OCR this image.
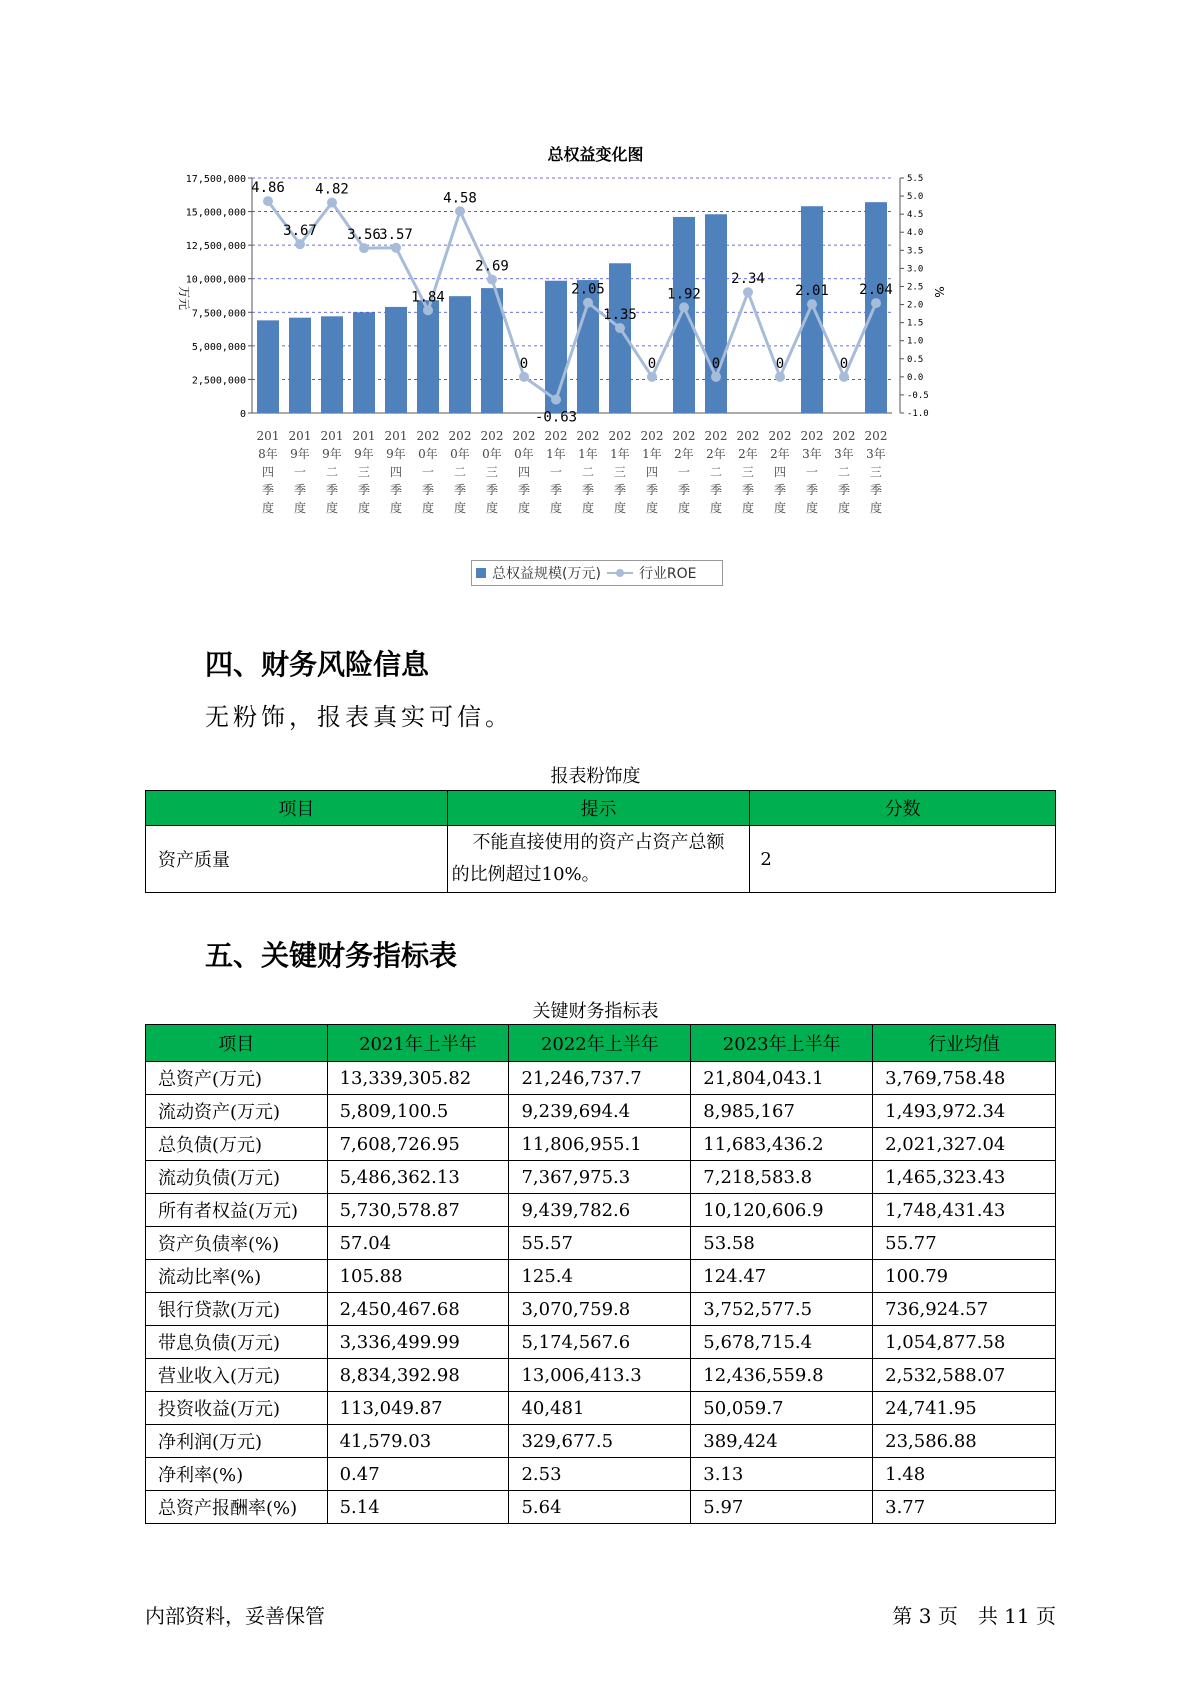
总权益变化图
0
2,500,000
5,000,000
7,500,000
10,000,000
12,500,000
15,000,000
17,500,000
-1.0
-0.5
0.0
0.5
1.0
1.5
2.0
2.5
3.0
3.5
4.0
4.5
5.0
5.5
万元	%
4.86
3.67
4.82
3.56
3.57
1.84
4.58
2.69
0
-0.63
2.05
1.35
0
1.92
0
2.34
0
2.01
0
2.04
201
8年
四
季
度
201
9年
一
季
度
201
9年
二
季
度
201
9年
三
季
度
201
9年
四
季
度
202
0年
一
季
度
202
0年
二
季
度
202
0年
三
季
度
202
0年
四
季
度
202
1年
一
季
度
202
1年
二
季
度
202
1年
三
季
度
202
1年
四
季
度
202
2年
一
季
度
202
2年
二
季
度
202
2年
三
季
度
202
2年
四
季
度
202
3年
一
季
度
202
3年
二
季
度
202
3年
三
季
度
总权益规模(万元)	行业ROE
四、财务风险信息
无粉饰，报表真实可信。
报表粉饰度
项目	提示	分数
资产质量	不能直接使用的资产占资产总额

的比例超过10%。	2
五、关键财务指标表
关键财务指标表
项目	2021年上半年	2022年上半年	2023年上半年	行业均值
总资产(万元)	13,339,305.82	21,246,737.7	21,804,043.1	3,769,758.48
流动资产(万元)	5,809,100.5	9,239,694.4	8,985,167	1,493,972.34
总负债(万元)	7,608,726.95	11,806,955.1	11,683,436.2	2,021,327.04
流动负债(万元)	5,486,362.13	7,367,975.3	7,218,583.8	1,465,323.43
所有者权益(万元)	5,730,578.87	9,439,782.6	10,120,606.9	1,748,431.43
资产负债率(%)	57.04	55.57	53.58	55.77
流动比率(%)	105.88	125.4	124.47	100.79
银行贷款(万元)	2,450,467.68	3,070,759.8	3,752,577.5	736,924.57
带息负债(万元)	3,336,499.99	5,174,567.6	5,678,715.4	1,054,877.58
营业收入(万元)	8,834,392.98	13,006,413.3	12,436,559.8	2,532,588.07
投资收益(万元)	113,049.87	40,481	50,059.7	24,741.95
净利润(万元)	41,579.03	329,677.5	389,424	23,586.88
净利率(%)	0.47	2.53	3.13	1.48
总资产报酬率(%)	5.14	5.64	5.97	3.77
内部资料，妥善保管	第 3 页　共 11 页
